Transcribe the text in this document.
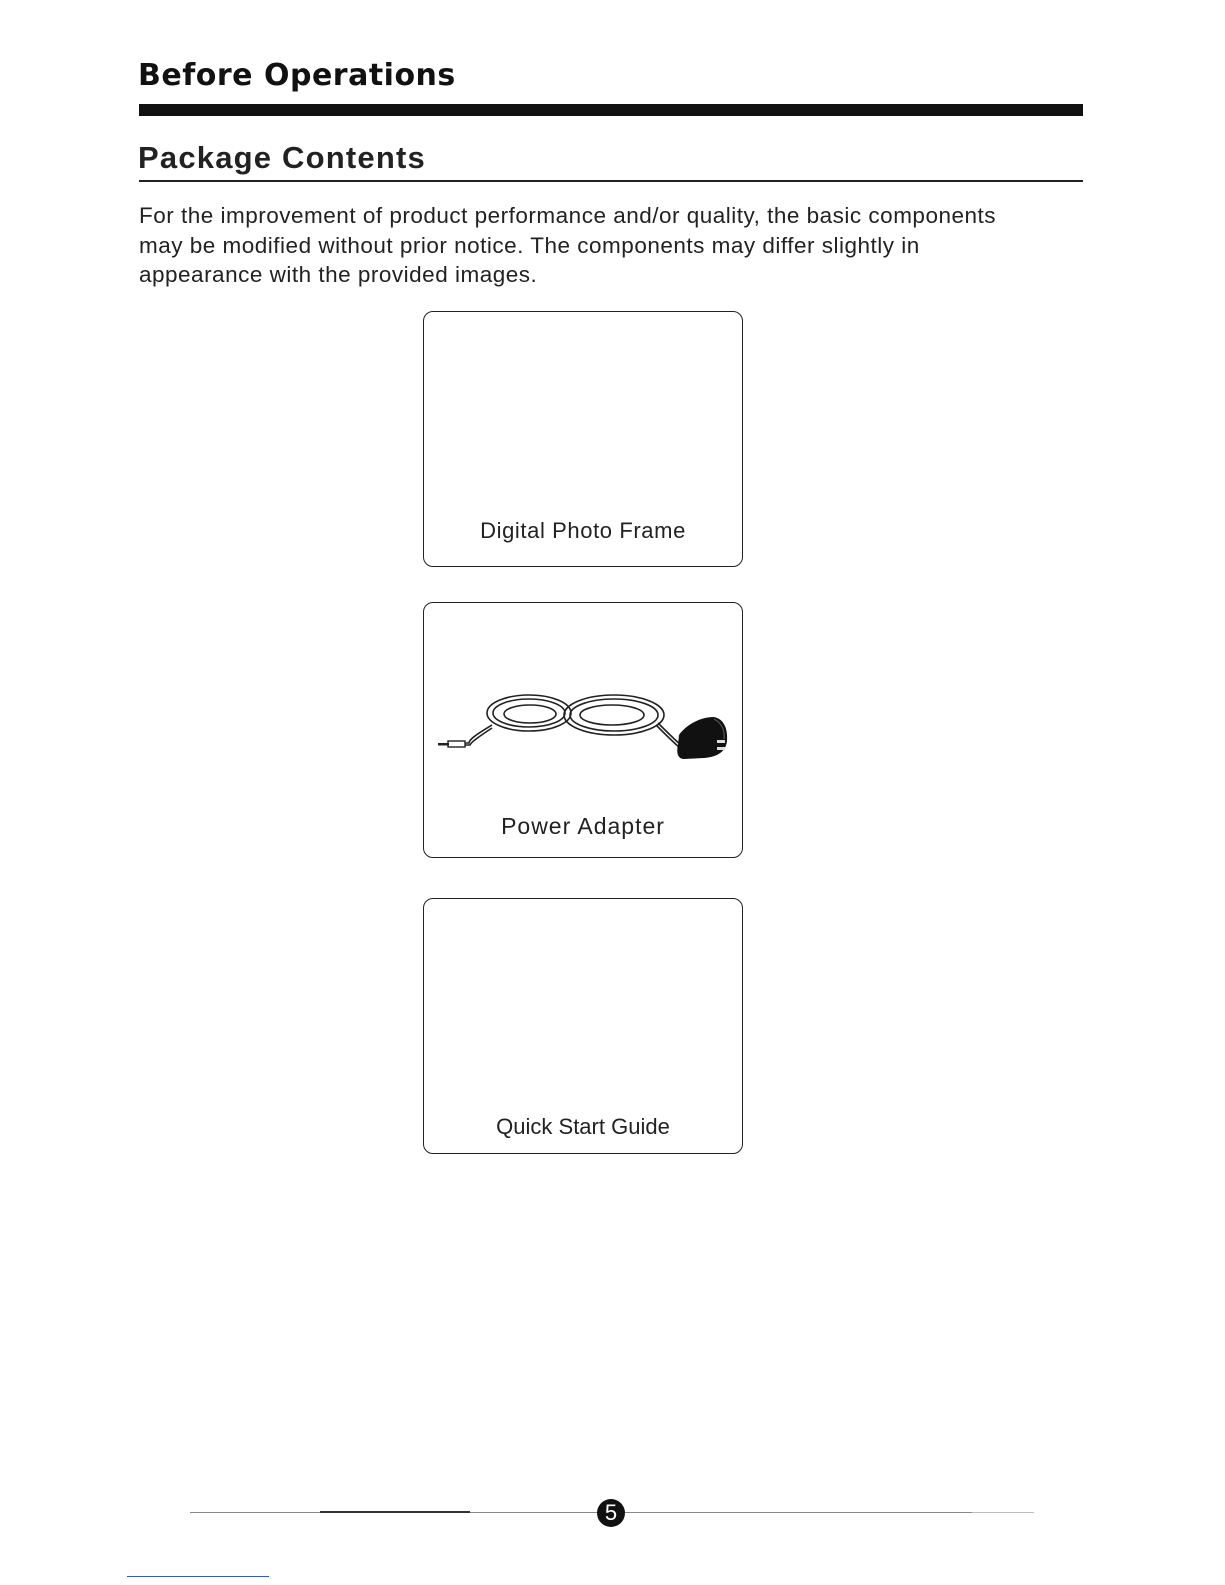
Before Operations
Package Contents

For the improvement of product performance and/or quality, the basic components may be modified without prior notice. The components may differ slightly in appearance with the provided images.

Digital Photo Frame
Power Adapter
Quick Start Guide
5
